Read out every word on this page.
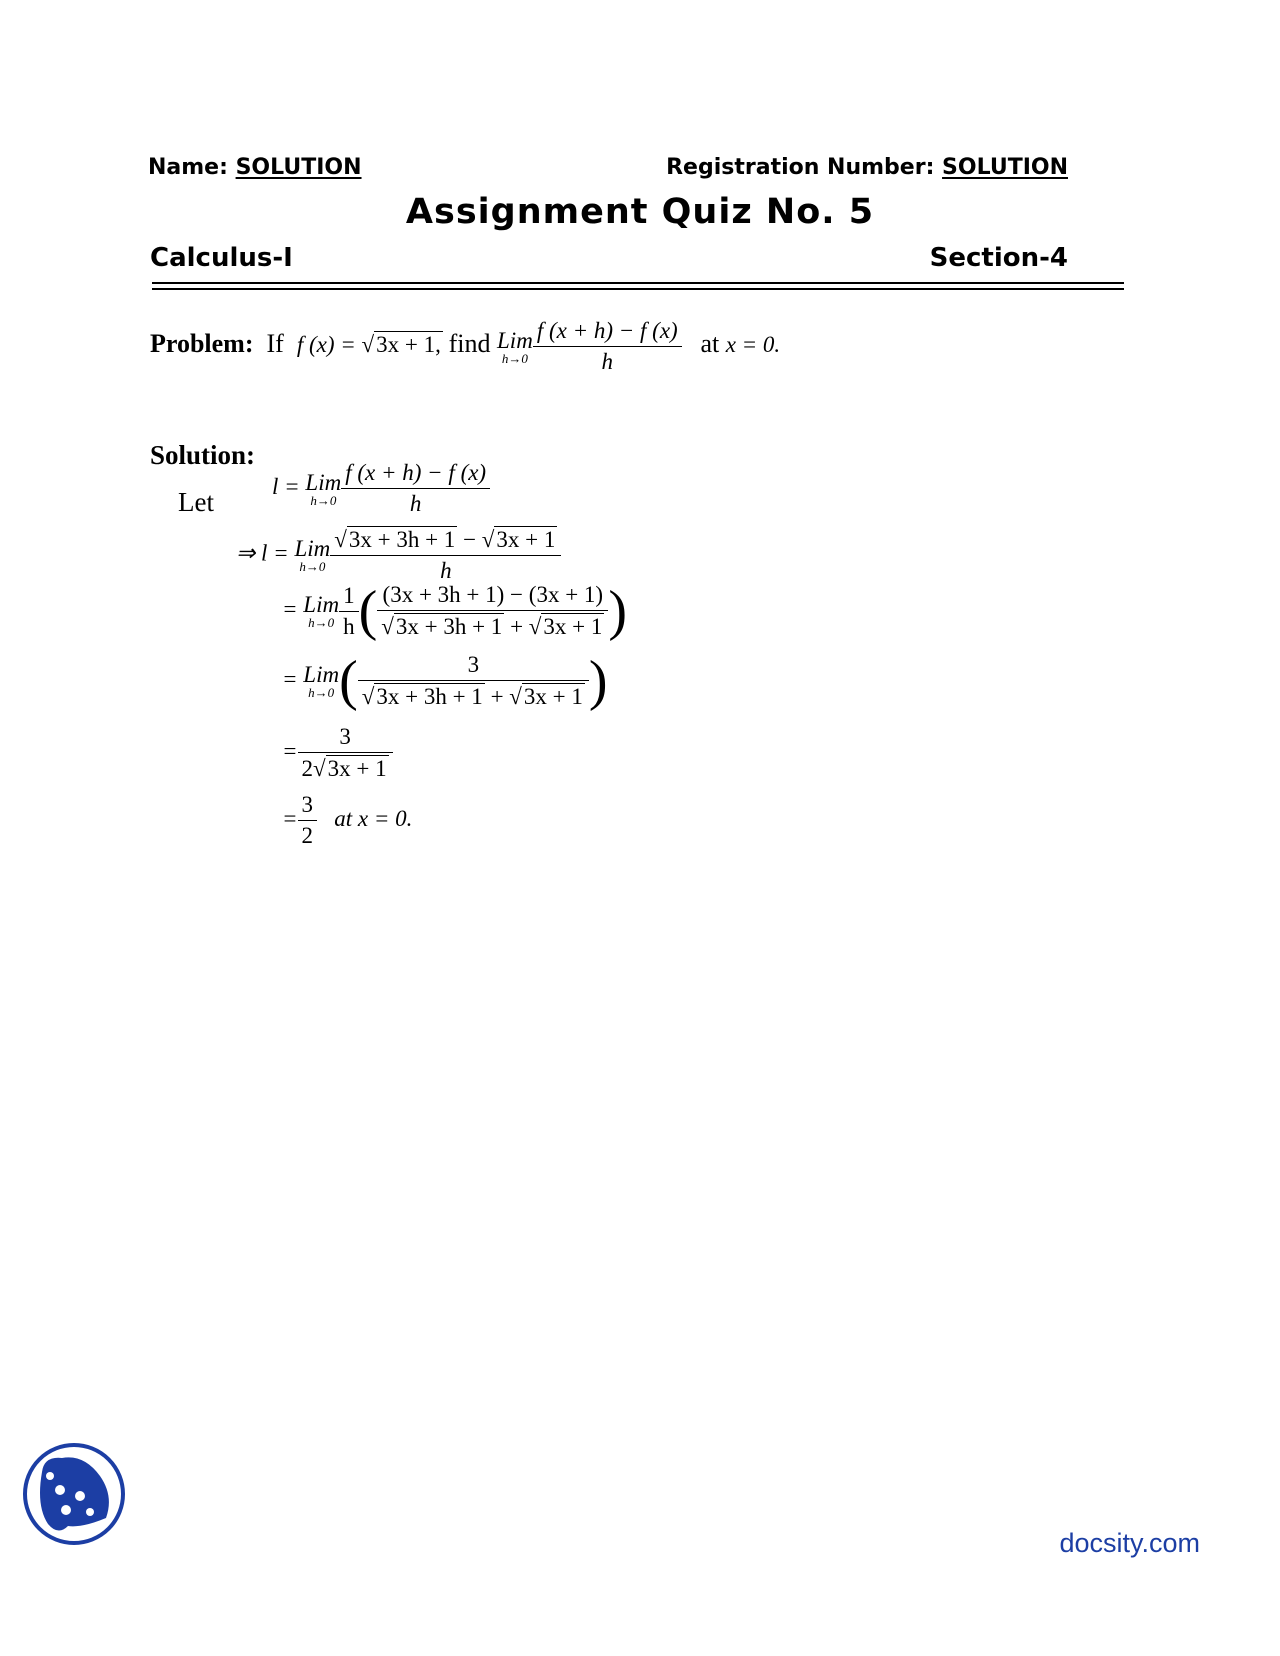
Name: SOLUTION	Registration Number: SOLUTION
Assignment Quiz No. 5
Calculus-I	Section-4
Problem: If f (x) = √3x + 1, find Lim
$h\to 0 \frac{f (x + h) - f (x)}{h}$ at x = 0.
Solution:
Let
l = Lim
$h\to 0 \frac{f (x + h) - f (x)}{h}$
⇒ l = Lim
$h\to 0 \frac{√3x + 3h + 1 - √3x + 1}{h}$
= Lim
$h\to 0 \frac{1}{h}$ ( $\frac{(3x + 3h + 1) - (3x + 1)}{√3x + 3h + 1 + √3x + 1}$ )
= Lim
h→0 ( $\frac{3}{√3x + 3h + 1 + √3x + 1}$ )
= $\frac{3}{2√3x + 1}$
= $\frac{3}{2}$ at x = 0.
docsity.com
